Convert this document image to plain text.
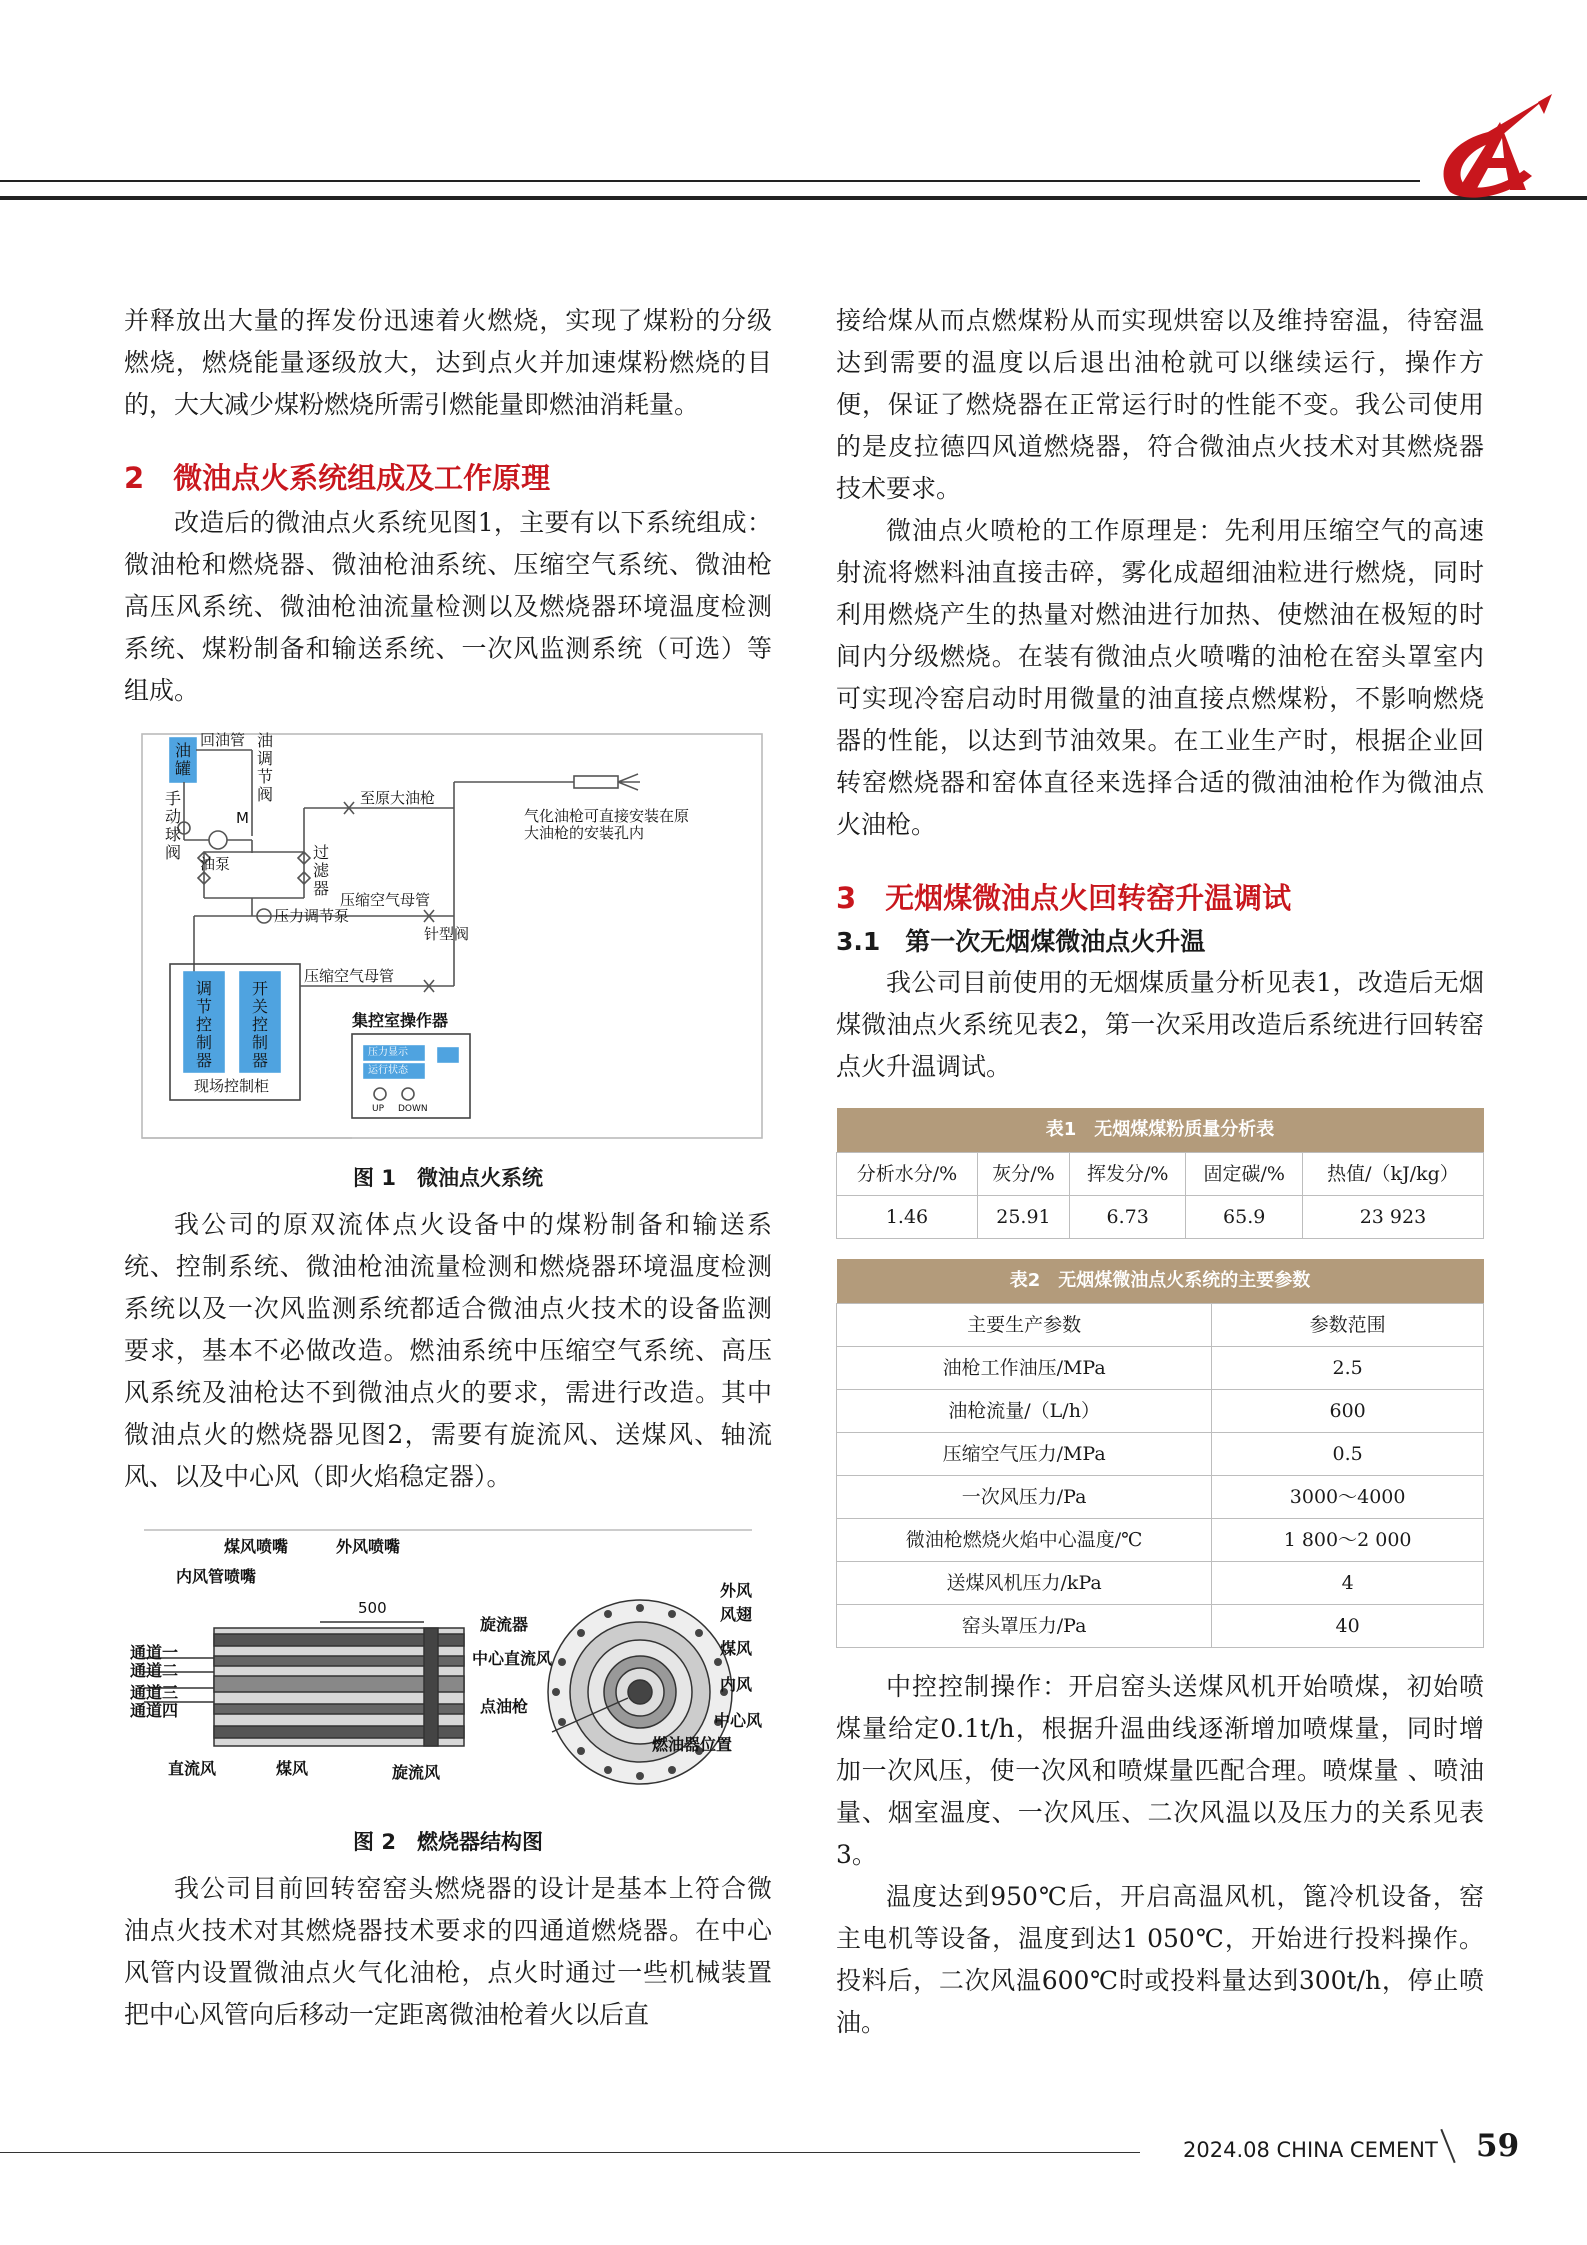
并释放出大量的挥发份迅速着火燃烧，实现了煤粉的分级燃烧，燃烧能量逐级放大，达到点火并加速煤粉燃烧的目的，大大减少煤粉燃烧所需引燃能量即燃油消耗量。

2　微油点火系统组成及工作原理

改造后的微油点火系统见图1，主要有以下系统组成：微油枪和燃烧器、微油枪油系统、压缩空气系统、微油枪高压风系统、微油枪油流量检测以及燃烧器环境温度检测系统、煤粉制备和输送系统、一次风监测系统（可选）等组成。

油罐
回油管 油调节阀
手动球阀
M
油泵
至原大油枪
过滤器
气化油枪可直接安装在原大油枪的安装孔内
压力调节泵
压缩空气母管
针型阀
压缩空气母管
调节控制器
开关控制器
现场控制柜
集控室操作器
压力显示
运行状态
UP DOWN
图 1　微油点火系统

我公司的原双流体点火设备中的煤粉制备和输送系统、控制系统、微油枪油流量检测和燃烧器环境温度检测系统以及一次风监测系统都适合微油点火技术的设备监测要求，基本不必做改造。燃油系统中压缩空气系统、高压风系统及油枪达不到微油点火的要求，需进行改造。其中微油点火的燃烧器见图2，需要有旋流风、送煤风、轴流风、以及中心风（即火焰稳定器）。

煤风喷嘴	外风喷嘴
内风管喷嘴
500
通道一
通道二
通道三
通道四
旋流器
中心直流风
点油枪
直流风	煤风	旋流风
外风
风翅
煤风
内风
中心风
燃油器位置
图 2　燃烧器结构图

我公司目前回转窑窑头燃烧器的设计是基本上符合微油点火技术对其燃烧器技术要求的四通道燃烧器。在中心风管内设置微油点火气化油枪，点火时通过一些机械装置把中心风管向后移动一定距离微油枪着火以后直

接给煤从而点燃煤粉从而实现烘窑以及维持窑温，待窑温达到需要的温度以后退出油枪就可以继续运行，操作方便，保证了燃烧器在正常运行时的性能不变。我公司使用的是皮拉德四风道燃烧器，符合微油点火技术对其燃烧器技术要求。

微油点火喷枪的工作原理是：先利用压缩空气的高速射流将燃料油直接击碎，雾化成超细油粒进行燃烧，同时利用燃烧产生的热量对燃油进行加热、使燃油在极短的时间内分级燃烧。在装有微油点火喷嘴的油枪在窑头罩室内可实现冷窑启动时用微量的油直接点燃煤粉，不影响燃烧器的性能，以达到节油效果。在工业生产时，根据企业回转窑燃烧器和窑体直径来选择合适的微油油枪作为微油点火油枪。

3　无烟煤微油点火回转窑升温调试
3.1　第一次无烟煤微油点火升温

我公司目前使用的无烟煤质量分析见表1，改造后无烟煤微油点火系统见表2，第一次采用改造后系统进行回转窑点火升温调试。

表1　无烟煤煤粉质量分析表				
分析水分/%	灰分/%	挥发分/%	固定碳/%	热值/（kJ/kg）
1.46	25.91	6.73	65.9	23 923
表2　无烟煤微油点火系统的主要参数	
主要生产参数	参数范围
油枪工作油压/MPa	2.5
油枪流量/（L/h）	600
压缩空气压力/MPa	0.5
一次风压力/Pa	3000～4000
微油枪燃烧火焰中心温度/℃	1 800～2 000
送煤风机压力/kPa	4
窑头罩压力/Pa	40

中控控制操作：开启窑头送煤风机开始喷煤，初始喷煤量给定0.1t/h，根据升温曲线逐渐增加喷煤量，同时增加一次风压，使一次风和喷煤量匹配合理。喷煤量 、喷油量、烟室温度、一次风压、二次风温以及压力的关系见表3。

温度达到950℃后，开启高温风机，篦冷机设备，窑主电机等设备，温度到达1 050℃，开始进行投料操作。投料后，二次风温600℃时或投料量达到300t/h，停止喷油。

2024.08 CHINA CEMENT 59
